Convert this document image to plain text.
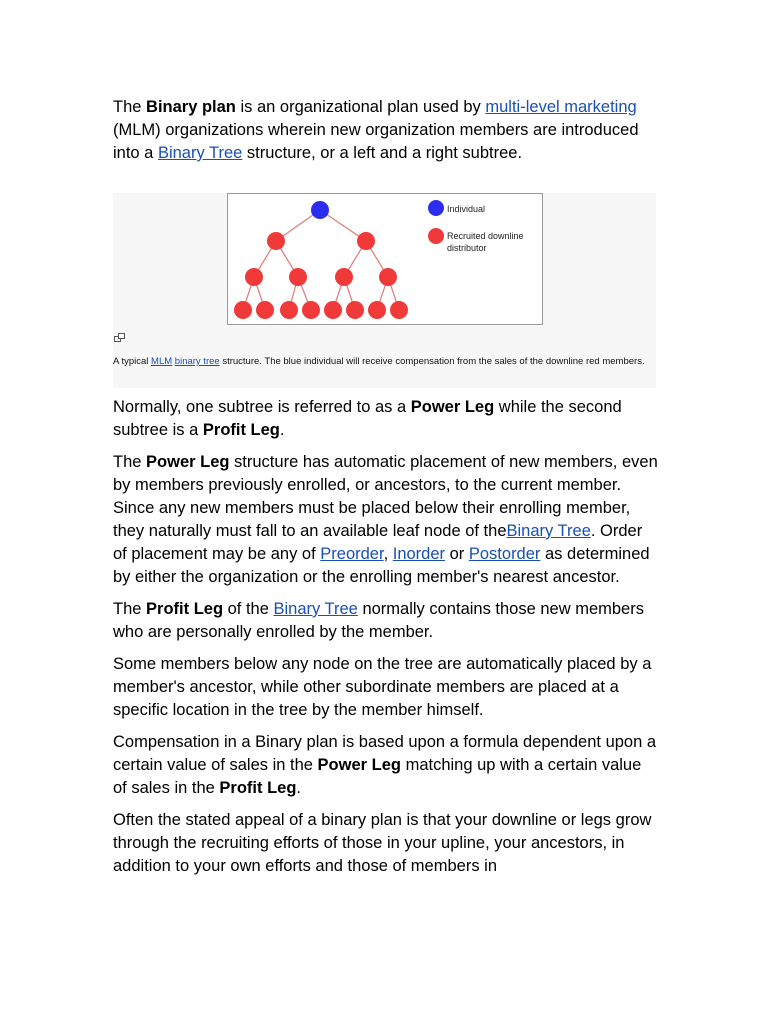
The Binary plan is an organizational plan used by multi-level marketing (MLM) organizations wherein new organization members are introduced into a Binary Tree structure, or a left and a right subtree.

Individual
Recruited downline
distributor
A typical MLM binary tree structure. The blue individual will receive compensation from the sales of the downline red members.

Normally, one subtree is referred to as a Power Leg while the second subtree is a Profit Leg.

The Power Leg structure has automatic placement of new members, even by members previously enrolled, or ancestors, to the current member. Since any new members must be placed below their enrolling member, they naturally must fall to an available leaf node of theBinary Tree. Order of placement may be any of Preorder, Inorder or Postorder as determined by either the organization or the enrolling member's nearest ancestor.

The Profit Leg of the Binary Tree normally contains those new members who are personally enrolled by the member.

Some members below any node on the tree are automatically placed by a member's ancestor, while other subordinate members are placed at a specific location in the tree by the member himself.

Compensation in a Binary plan is based upon a formula dependent upon a certain value of sales in the Power Leg matching up with a certain value of sales in the Profit Leg.

Often the stated appeal of a binary plan is that your downline or legs grow through the recruiting efforts of those in your upline, your ancestors, in addition to your own efforts and those of members in
